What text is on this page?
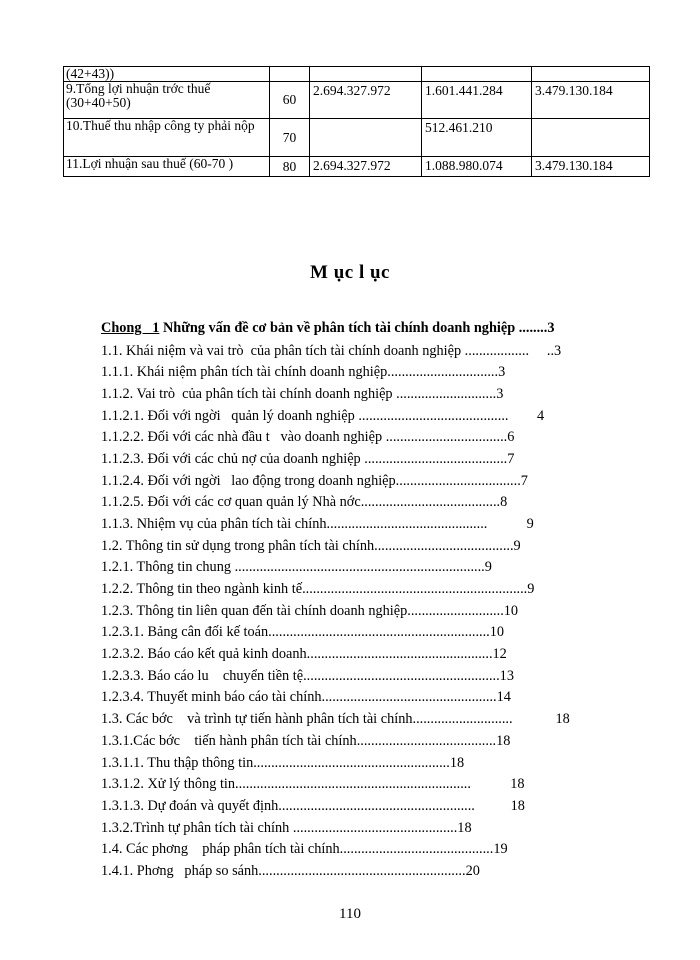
(42+43))				
9.Tổng lợi nhuận trớc thuế (30+40+50)	60	2.694.327.972	1.601.441.284	3.479.130.184
10.Thuế thu nhập công ty phải nộp	70		512.461.210	
11.Lợi nhuận sau thuế (60-70 )	80	2.694.327.972	1.088.980.074	3.479.130.184
M ục l ục
Chong   1 Những vấn đề cơ bản về phân tích tài chính doanh nghiệp ........3
1.1. Khái niệm và vai trò  của phân tích tài chính doanh nghiệp ..................     ..3
1.1.1. Khái niệm phân tích tài chính doanh nghiệp...............................3
1.1.2. Vai trò  của phân tích tài chính doanh nghiệp ............................3
1.1.2.1. Đối với ngời   quản lý doanh nghiệp ..........................................        4
1.1.2.2. Đối với các nhà đầu t   vào doanh nghiệp ..................................6
1.1.2.3. Đối với các chủ nợ của doanh nghiệp ........................................7
1.1.2.4. Đối với ngời   lao động trong doanh nghiệp...................................7
1.1.2.5. Đối với các cơ quan quản lý Nhà nớc.......................................8
1.1.3. Nhiệm vụ của phân tích tài chính.............................................           9
1.2. Thông tin sử dụng trong phân tích tài chính.......................................9
1.2.1. Thông tin chung ......................................................................9
1.2.2. Thông tin theo ngành kinh tế...............................................................9
1.2.3. Thông tin liên quan đến tài chính doanh nghiệp...........................10
1.2.3.1. Bảng cân đối kế toán..............................................................10
1.2.3.2. Báo cáo kết quả kinh doanh....................................................12
1.2.3.3. Báo cáo lu    chuyển tiền tệ.......................................................13
1.2.3.4. Thuyết minh báo cáo tài chính.................................................14
1.3. Các bớc    và trình tự tiến hành phân tích tài chính............................            18
1.3.1.Các bớc    tiến hành phân tích tài chính.......................................18
1.3.1.1. Thu thập thông tin.......................................................18
1.3.1.2. Xử lý thông tin..................................................................           18
1.3.1.3. Dự đoán và quyết định.......................................................          18
1.3.2.Trình tự phân tích tài chính ..............................................18
1.4. Các phơng    pháp phân tích tài chính...........................................19
1.4.1. Phơng   pháp so sánh..........................................................20
110
